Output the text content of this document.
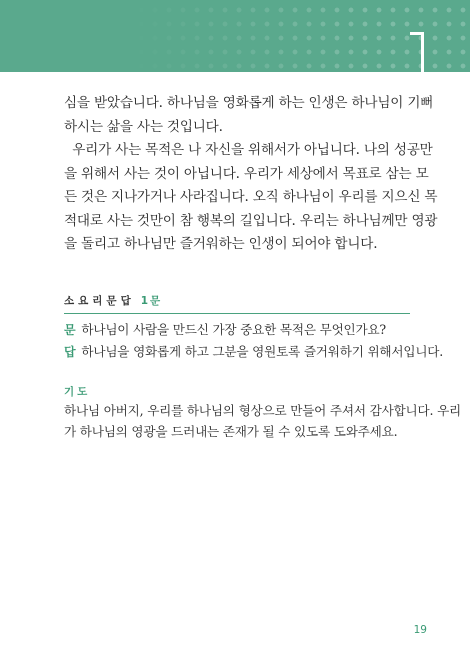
심을 받았습니다. 하나님을 영화롭게 하는 인생은 하나님이 기뻐
하시는 삶을 사는 것입니다.

우리가 사는 목적은 나 자신을 위해서가 아닙니다. 나의 성공만
을 위해서 사는 것이 아닙니다. 우리가 세상에서 목표로 삼는 모
든 것은 지나가거나 사라집니다. 오직 하나님이 우리를 지으신 목
적대로 사는 것만이 참 행복의 길입니다. 우리는 하나님께만 영광
을 돌리고 하나님만 즐거워하는 인생이 되어야 합니다.

소요리문답 1문

문 하나님이 사람을 만드신 가장 중요한 목적은 무엇인가요?

답 하나님을 영화롭게 하고 그분을 영원토록 즐거워하기 위해서입니다.

기도

하나님 아버지, 우리를 하나님의 형상으로 만들어 주셔서 감사합니다. 우리
가 하나님의 영광을 드러내는 존재가 될 수 있도록 도와주세요.

19
